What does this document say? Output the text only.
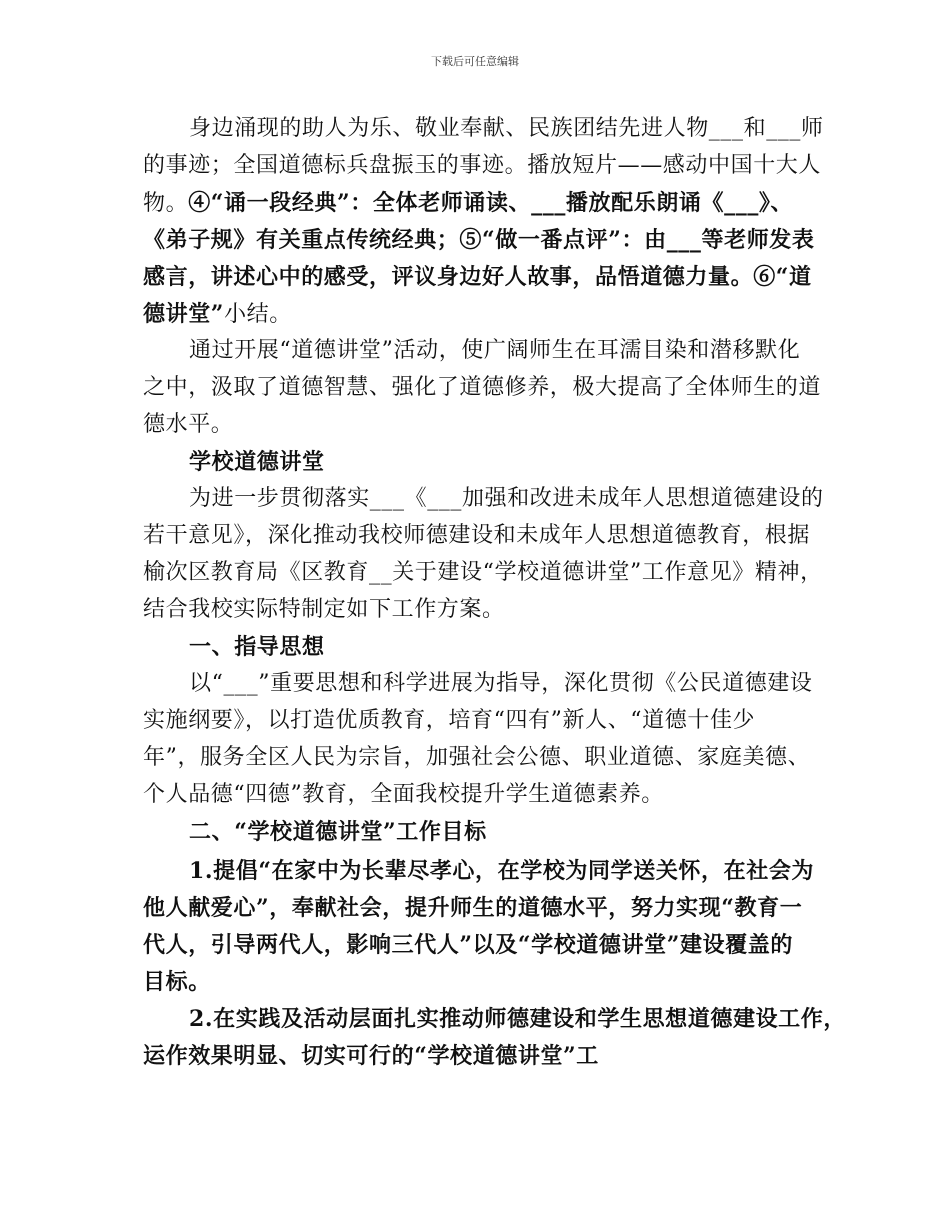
下载后可任意编辑
身边涌现的助人为乐、敬业奉献、民族团结先进人物___和___师
的事迹；全国道德标兵盘振玉的事迹。播放短片——感动中国十大人
物。④“诵一段经典”：全体老师诵读、___播放配乐朗诵《___》、
《弟子规》有关重点传统经典；⑤“做一番点评”：由___等老师发表
感言，讲述心中的感受，评议身边好人故事，品悟道德力量。⑥“道
德讲堂”小结。
通过开展“道德讲堂”活动，使广阔师生在耳濡目染和潜移默化
之中，汲取了道德智慧、强化了道德修养，极大提高了全体师生的道
德水平。
学校道德讲堂
为进一步贯彻落实___《___加强和改进未成年人思想道德建设的
若干意见》，深化推动我校师德建设和未成年人思想道德教育，根据
榆次区教育局《区教育__关于建设“学校道德讲堂”工作意见》精神，
结合我校实际特制定如下工作方案。
一、指导思想
以“___”重要思想和科学进展为指导，深化贯彻《公民道德建设
实施纲要》，以打造优质教育，培育“四有”新人、“道德十佳少
年”，服务全区人民为宗旨，加强社会公德、职业道德、家庭美德、
个人品德“四德”教育，全面我校提升学生道德素养。
二、“学校道德讲堂”工作目标
1.提倡“在家中为长辈尽孝心，在学校为同学送关怀，在社会为
他人献爱心”，奉献社会，提升师生的道德水平，努力实现“教育一
代人，引导两代人，影响三代人”以及“学校道德讲堂”建设覆盖的
目标。
2.在实践及活动层面扎实推动师德建设和学生思想道德建设工作，
运作效果明显、切实可行的“学校道德讲堂”工
